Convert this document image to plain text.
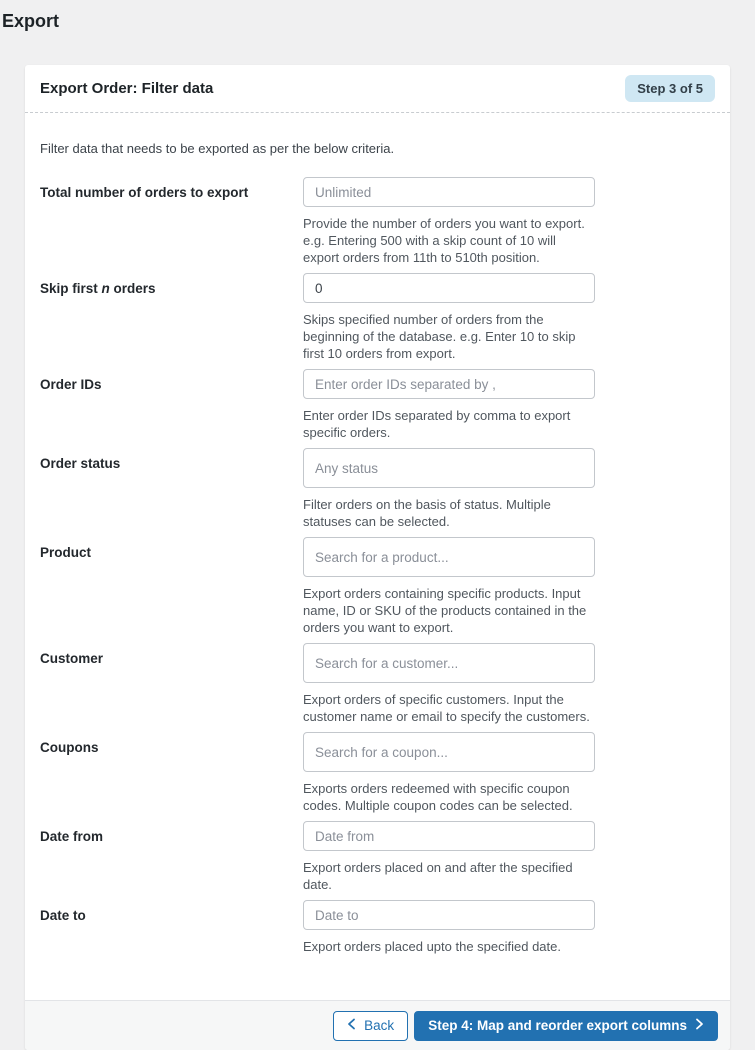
Export
Export Order: Filter data	Step 3 of 5

Filter data that needs to be exported as per the below criteria.

Total number of orders to export
Unlimited

Provide the number of orders you want to export. e.g. Entering 500 with a skip count of 10 will export orders from 11th to 510th position.

Skip first n orders
0

Skips specified number of orders from the beginning of the database. e.g. Enter 10 to skip first 10 orders from export.

Order IDs
Enter order IDs separated by ,

Enter order IDs separated by comma to export specific orders.

Order status
Any status

Filter orders on the basis of status. Multiple statuses can be selected.

Product
Search for a product...

Export orders containing specific products. Input name, ID or SKU of the products contained in the orders you want to export.

Customer
Search for a customer...

Export orders of specific customers. Input the customer name or email to specify the customers.

Coupons
Search for a coupon...

Exports orders redeemed with specific coupon codes. Multiple coupon codes can be selected.

Date from
Date from

Export orders placed on and after the specified date.

Date to
Date to

Export orders placed upto the specified date.

Back	Step 4: Map and reorder export columns
